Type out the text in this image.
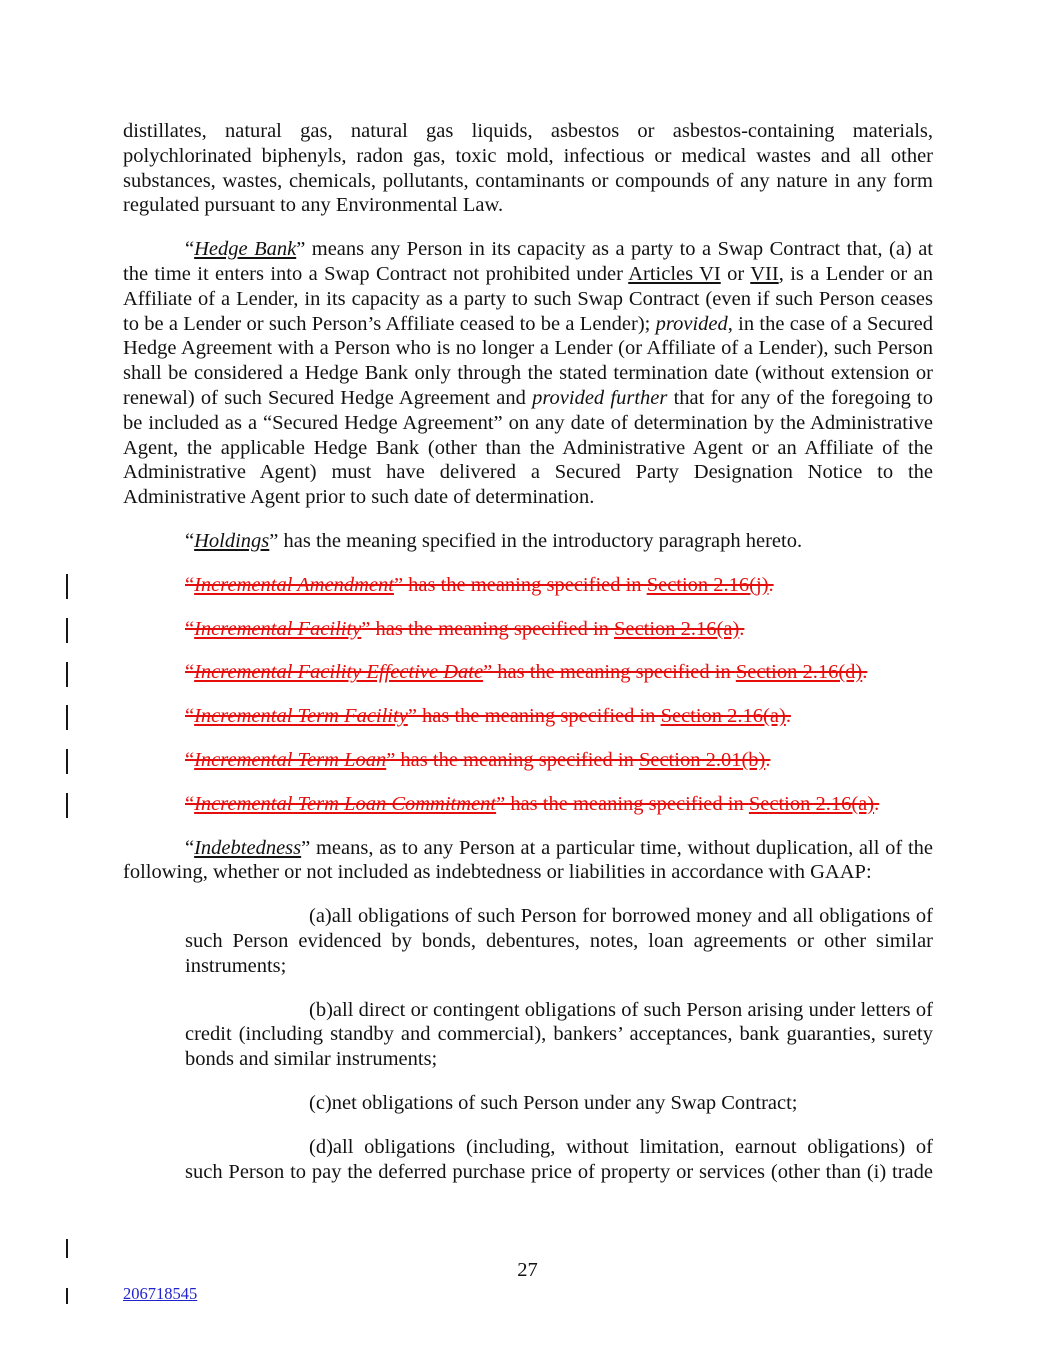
distillates, natural gas, natural gas liquids, asbestos or asbestos-containing materials, polychlorinated biphenyls, radon gas, toxic mold, infectious or medical wastes and all other substances, wastes, chemicals, pollutants, contaminants or compounds of any nature in any form regulated pursuant to any Environmental Law.

“Hedge Bank” means any Person in its capacity as a party to a Swap Contract that, (a) at the time it enters into a Swap Contract not prohibited under Articles VI or VII, is a Lender or an Affiliate of a Lender, in its capacity as a party to such Swap Contract (even if such Person ceases to be a Lender or such Person’s Affiliate ceased to be a Lender); provided, in the case of a Secured Hedge Agreement with a Person who is no longer a Lender (or Affiliate of a Lender), such Person shall be considered a Hedge Bank only through the stated termination date (without extension or renewal) of such Secured Hedge Agreement and provided further that for any of the foregoing to be included as a “Secured Hedge Agreement” on any date of determination by the Administrative Agent, the applicable Hedge Bank (other than the Administrative Agent or an Affiliate of the Administrative Agent) must have delivered a Secured Party Designation Notice to the Administrative Agent prior to such date of determination.

“Holdings” has the meaning specified in the introductory paragraph hereto.

“Incremental Amendment” has the meaning specified in Section 2.16(j).

“Incremental Facility” has the meaning specified in Section 2.16(a).

“Incremental Facility Effective Date” has the meaning specified in Section 2.16(d).

“Incremental Term Facility” has the meaning specified in Section 2.16(a).

“Incremental Term Loan” has the meaning specified in Section 2.01(b).

“Incremental Term Loan Commitment” has the meaning specified in Section 2.16(a).

“Indebtedness” means, as to any Person at a particular time, without duplication, all of the following, whether or not included as indebtedness or liabilities in accordance with GAAP:

(a)all obligations of such Person for borrowed money and all obligations of such Person evidenced by bonds, debentures, notes, loan agreements or other similar instruments;

(b)all direct or contingent obligations of such Person arising under letters of credit (including standby and commercial), bankers’ acceptances, bank guaranties, surety bonds and similar instruments;

(c)net obligations of such Person under any Swap Contract;

(d)all obligations (including, without limitation, earnout obligations) of such Person to pay the deferred purchase price of property or services (other than (i) trade

27
206718545
